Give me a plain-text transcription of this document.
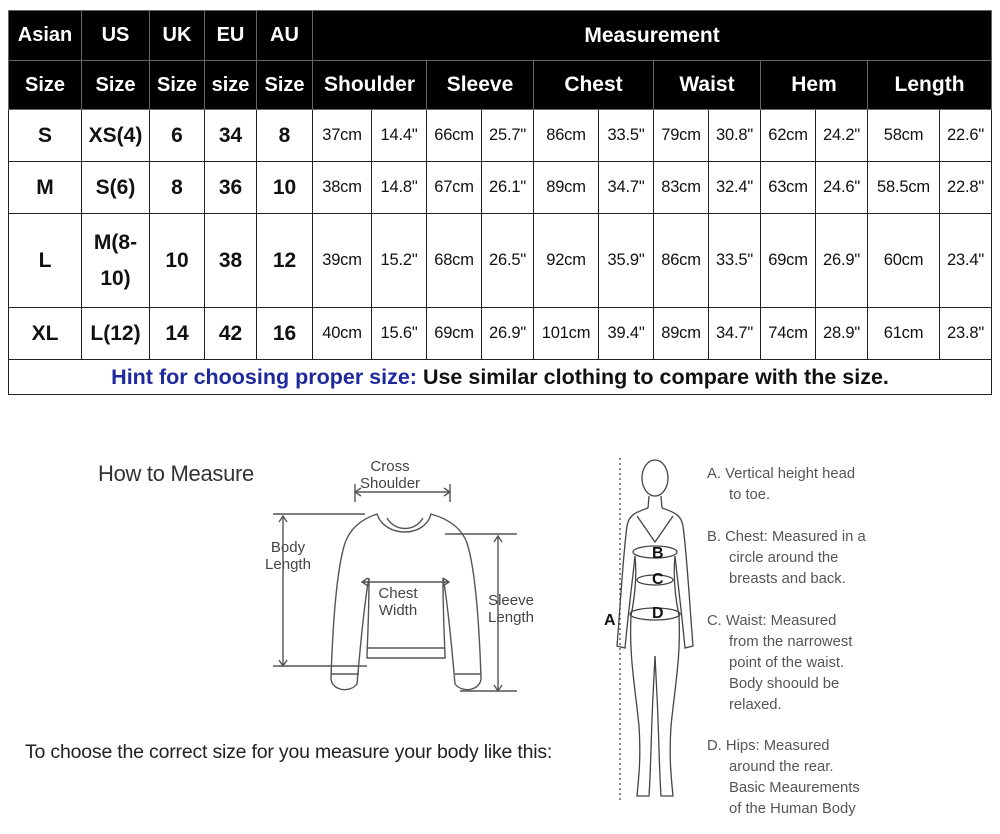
Asian	US	UK	EU	AU	Measurement											
Size	Size	Size	size	Size	Shoulder		Sleeve		Chest		Waist		Hem		Length	
S	XS(4)	6	34	8	37cm	14.4"	66cm	25.7"	86cm	33.5"	79cm	30.8"	62cm	24.2"	58cm	22.6"
M	S(6)	8	36	10	38cm	14.8"	67cm	26.1"	89cm	34.7"	83cm	32.4"	63cm	24.6"	58.5cm	22.8"
L	M(8-10)	10	38	12	39cm	15.2"	68cm	26.5"	92cm	35.9"	86cm	33.5"	69cm	26.9"	60cm	23.4"
XL	L(12)	14	42	16	40cm	15.6"	69cm	26.9"	101cm	39.4"	89cm	34.7"	74cm	28.9"	61cm	23.8"
Hint for choosing proper size: Use similar clothing to compare with the size.																
How to Measure	Cross Shoulder
Body Length
Chest Width
Sleeve Length
To choose the correct size for you measure your body like this:
B
C
D
A
A. Vertical height head
to toe.
B. Chest: Measured in a
circle around the
breasts and back.
C. Waist: Measured
from the narrowest
point of the waist.
Body shoould be
relaxed.
D. Hips: Measured
around the rear.
Basic Meaurements
of the Human Body
